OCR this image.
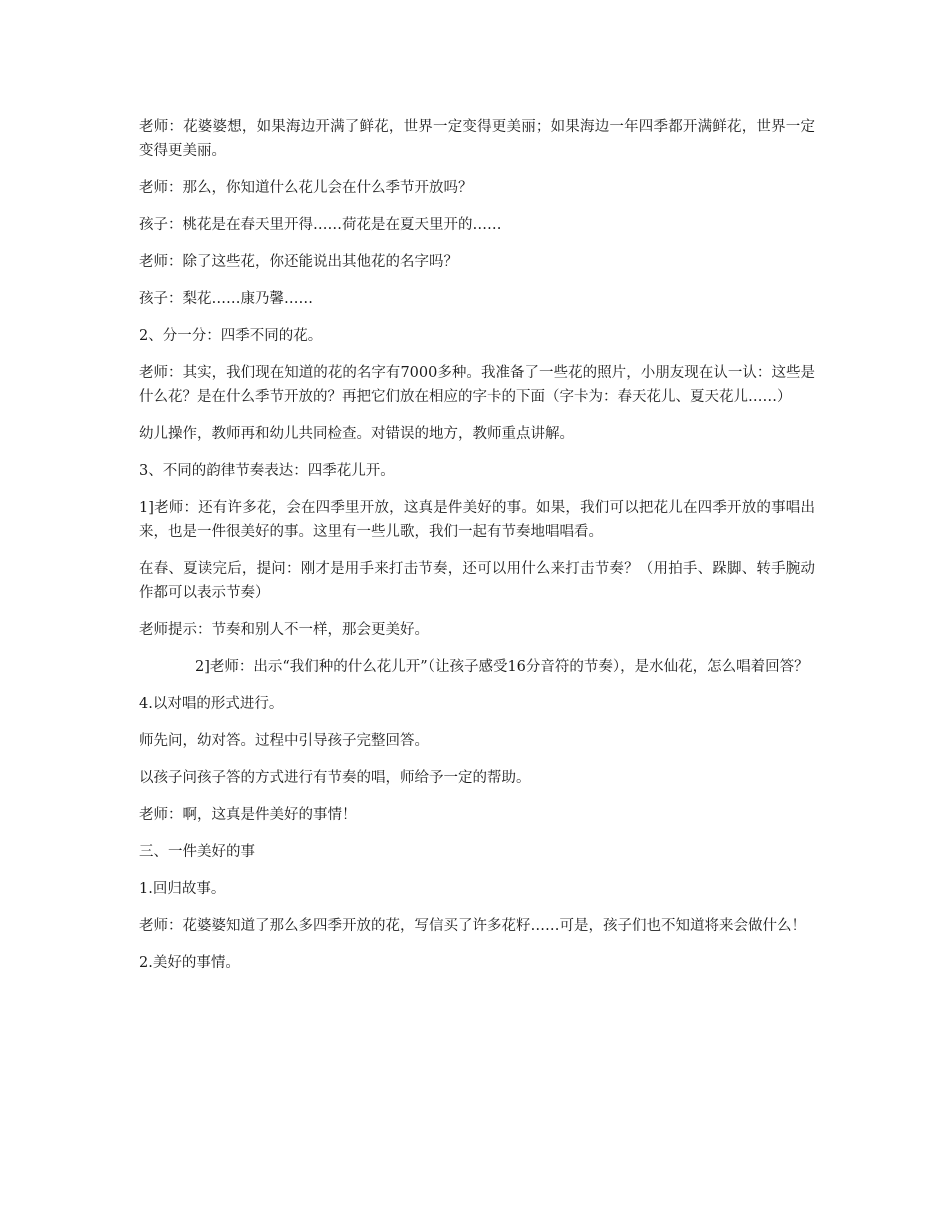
老师：花婆婆想，如果海边开满了鲜花，世界一定变得更美丽；如果海边一年四季都开满鲜花，世界一定变得更美丽。

老师：那么，你知道什么花儿会在什么季节开放吗？

孩子：桃花是在春天里开得……荷花是在夏天里开的……

老师：除了这些花，你还能说出其他花的名字吗？

孩子：梨花……康乃馨……

2、分一分：四季不同的花。

老师：其实，我们现在知道的花的名字有7000多种。我准备了一些花的照片，小朋友现在认一认：这些是什么花？是在什么季节开放的？再把它们放在相应的字卡的下面（字卡为：春天花儿、夏天花儿……）

幼儿操作，教师再和幼儿共同检查。对错误的地方，教师重点讲解。

3、不同的韵律节奏表达：四季花儿开。

1]老师：还有许多花，会在四季里开放，这真是件美好的事。如果，我们可以把花儿在四季开放的事唱出来，也是一件很美好的事。这里有一些儿歌，我们一起有节奏地唱唱看。

在春、夏读完后，提问：刚才是用手来打击节奏，还可以用什么来打击节奏？（用拍手、跺脚、转手腕动作都可以表示节奏）

老师提示：节奏和别人不一样，那会更美好。

2]老师：出示“我们种的什么花儿开”（让孩子感受16分音符的节奏），是水仙花，怎么唱着回答？

4.以对唱的形式进行。

师先问，幼对答。过程中引导孩子完整回答。

以孩子问孩子答的方式进行有节奏的唱，师给予一定的帮助。

老师：啊，这真是件美好的事情！

三、一件美好的事

1.回归故事。

老师：花婆婆知道了那么多四季开放的花，写信买了许多花籽……可是，孩子们也不知道将来会做什么！

2.美好的事情。
